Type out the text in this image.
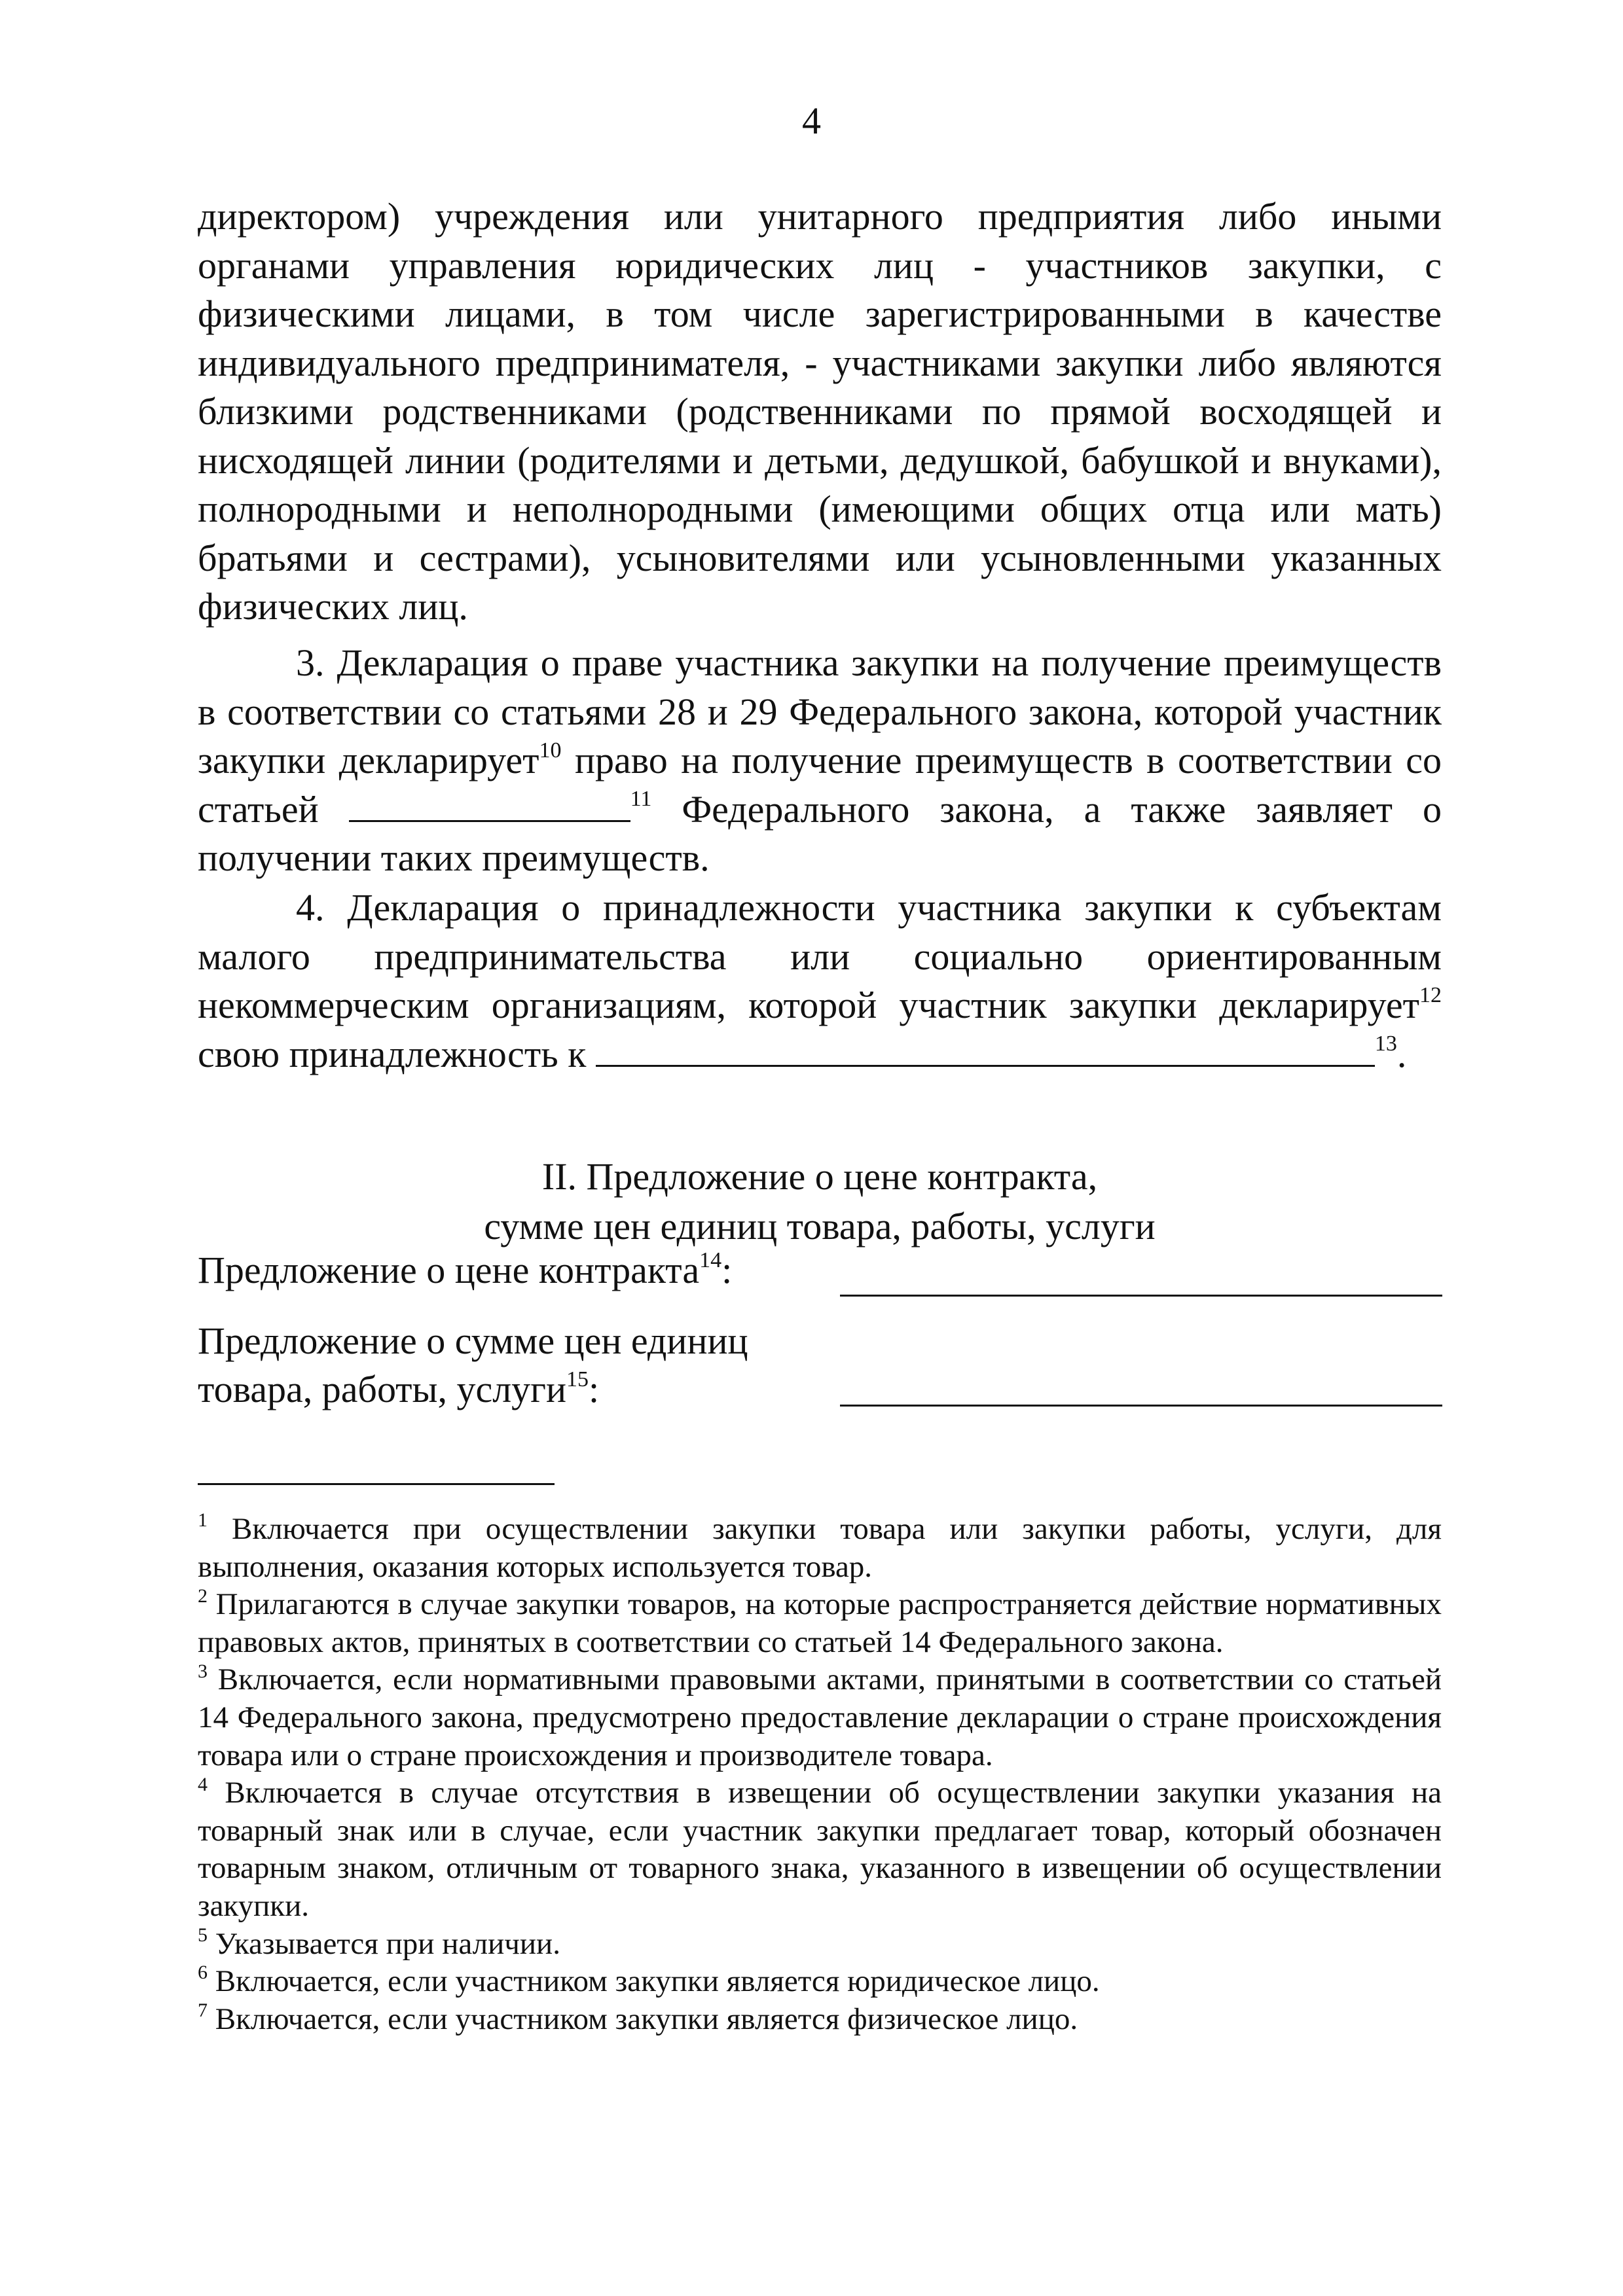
4

директором) учреждения или унитарного предприятия либо иными органами управления юридических лиц - участников закупки, с физическими лицами, в том числе зарегистрированными в качестве индивидуального предпринимателя, - участниками закупки либо являются близкими родственниками (родственниками по прямой восходящей и нисходящей линии (родителями и детьми, дедушкой, бабушкой и внуками), полнородными и неполнородными (имеющими общих отца или мать) братьями и сестрами), усыновителями или усыновленными указанных физических лиц.

3. Декларация о праве участника закупки на получение преимуществ в соответствии со статьями 28 и 29 Федерального закона, которой участник закупки декларирует$^{10}$ право на получение преимуществ в соответствии со статьей	$^{11}$ Федерального закона, а также заявляет о получении таких преимуществ.

4. Декларация о принадлежности участника закупки к субъектам малого предпринимательства или социально ориентированным некоммерческим организациям, которой участник закупки декларирует$^{12}$ свою принадлежность к	$^{13}$.

II. Предложение о цене контракта,
сумме цен единиц товара, работы, услуги
Предложение о цене контракта$^{14}$:
Предложение о сумме цен единиц
товара, работы, услуги$^{15}$:

$^1$ Включается при осуществлении закупки товара или закупки работы, услуги, для выполнения, оказания которых используется товар.

$^2$ Прилагаются в случае закупки товаров, на которые распространяется действие нормативных правовых актов, принятых в соответствии со статьей 14 Федерального закона.

$^3$ Включается, если нормативными правовыми актами, принятыми в соответствии со статьей 14 Федерального закона, предусмотрено предоставление декларации о стране происхождения товара или о стране происхождения и производителе товара.

$^4$ Включается в случае отсутствия в извещении об осуществлении закупки указания на товарный знак или в случае, если участник закупки предлагает товар, который обозначен товарным знаком, отличным от товарного знака, указанного в извещении об осуществлении закупки.

$^5$ Указывается при наличии.

$^6$ Включается, если участником закупки является юридическое лицо.

$^7$ Включается, если участником закупки является физическое лицо.
